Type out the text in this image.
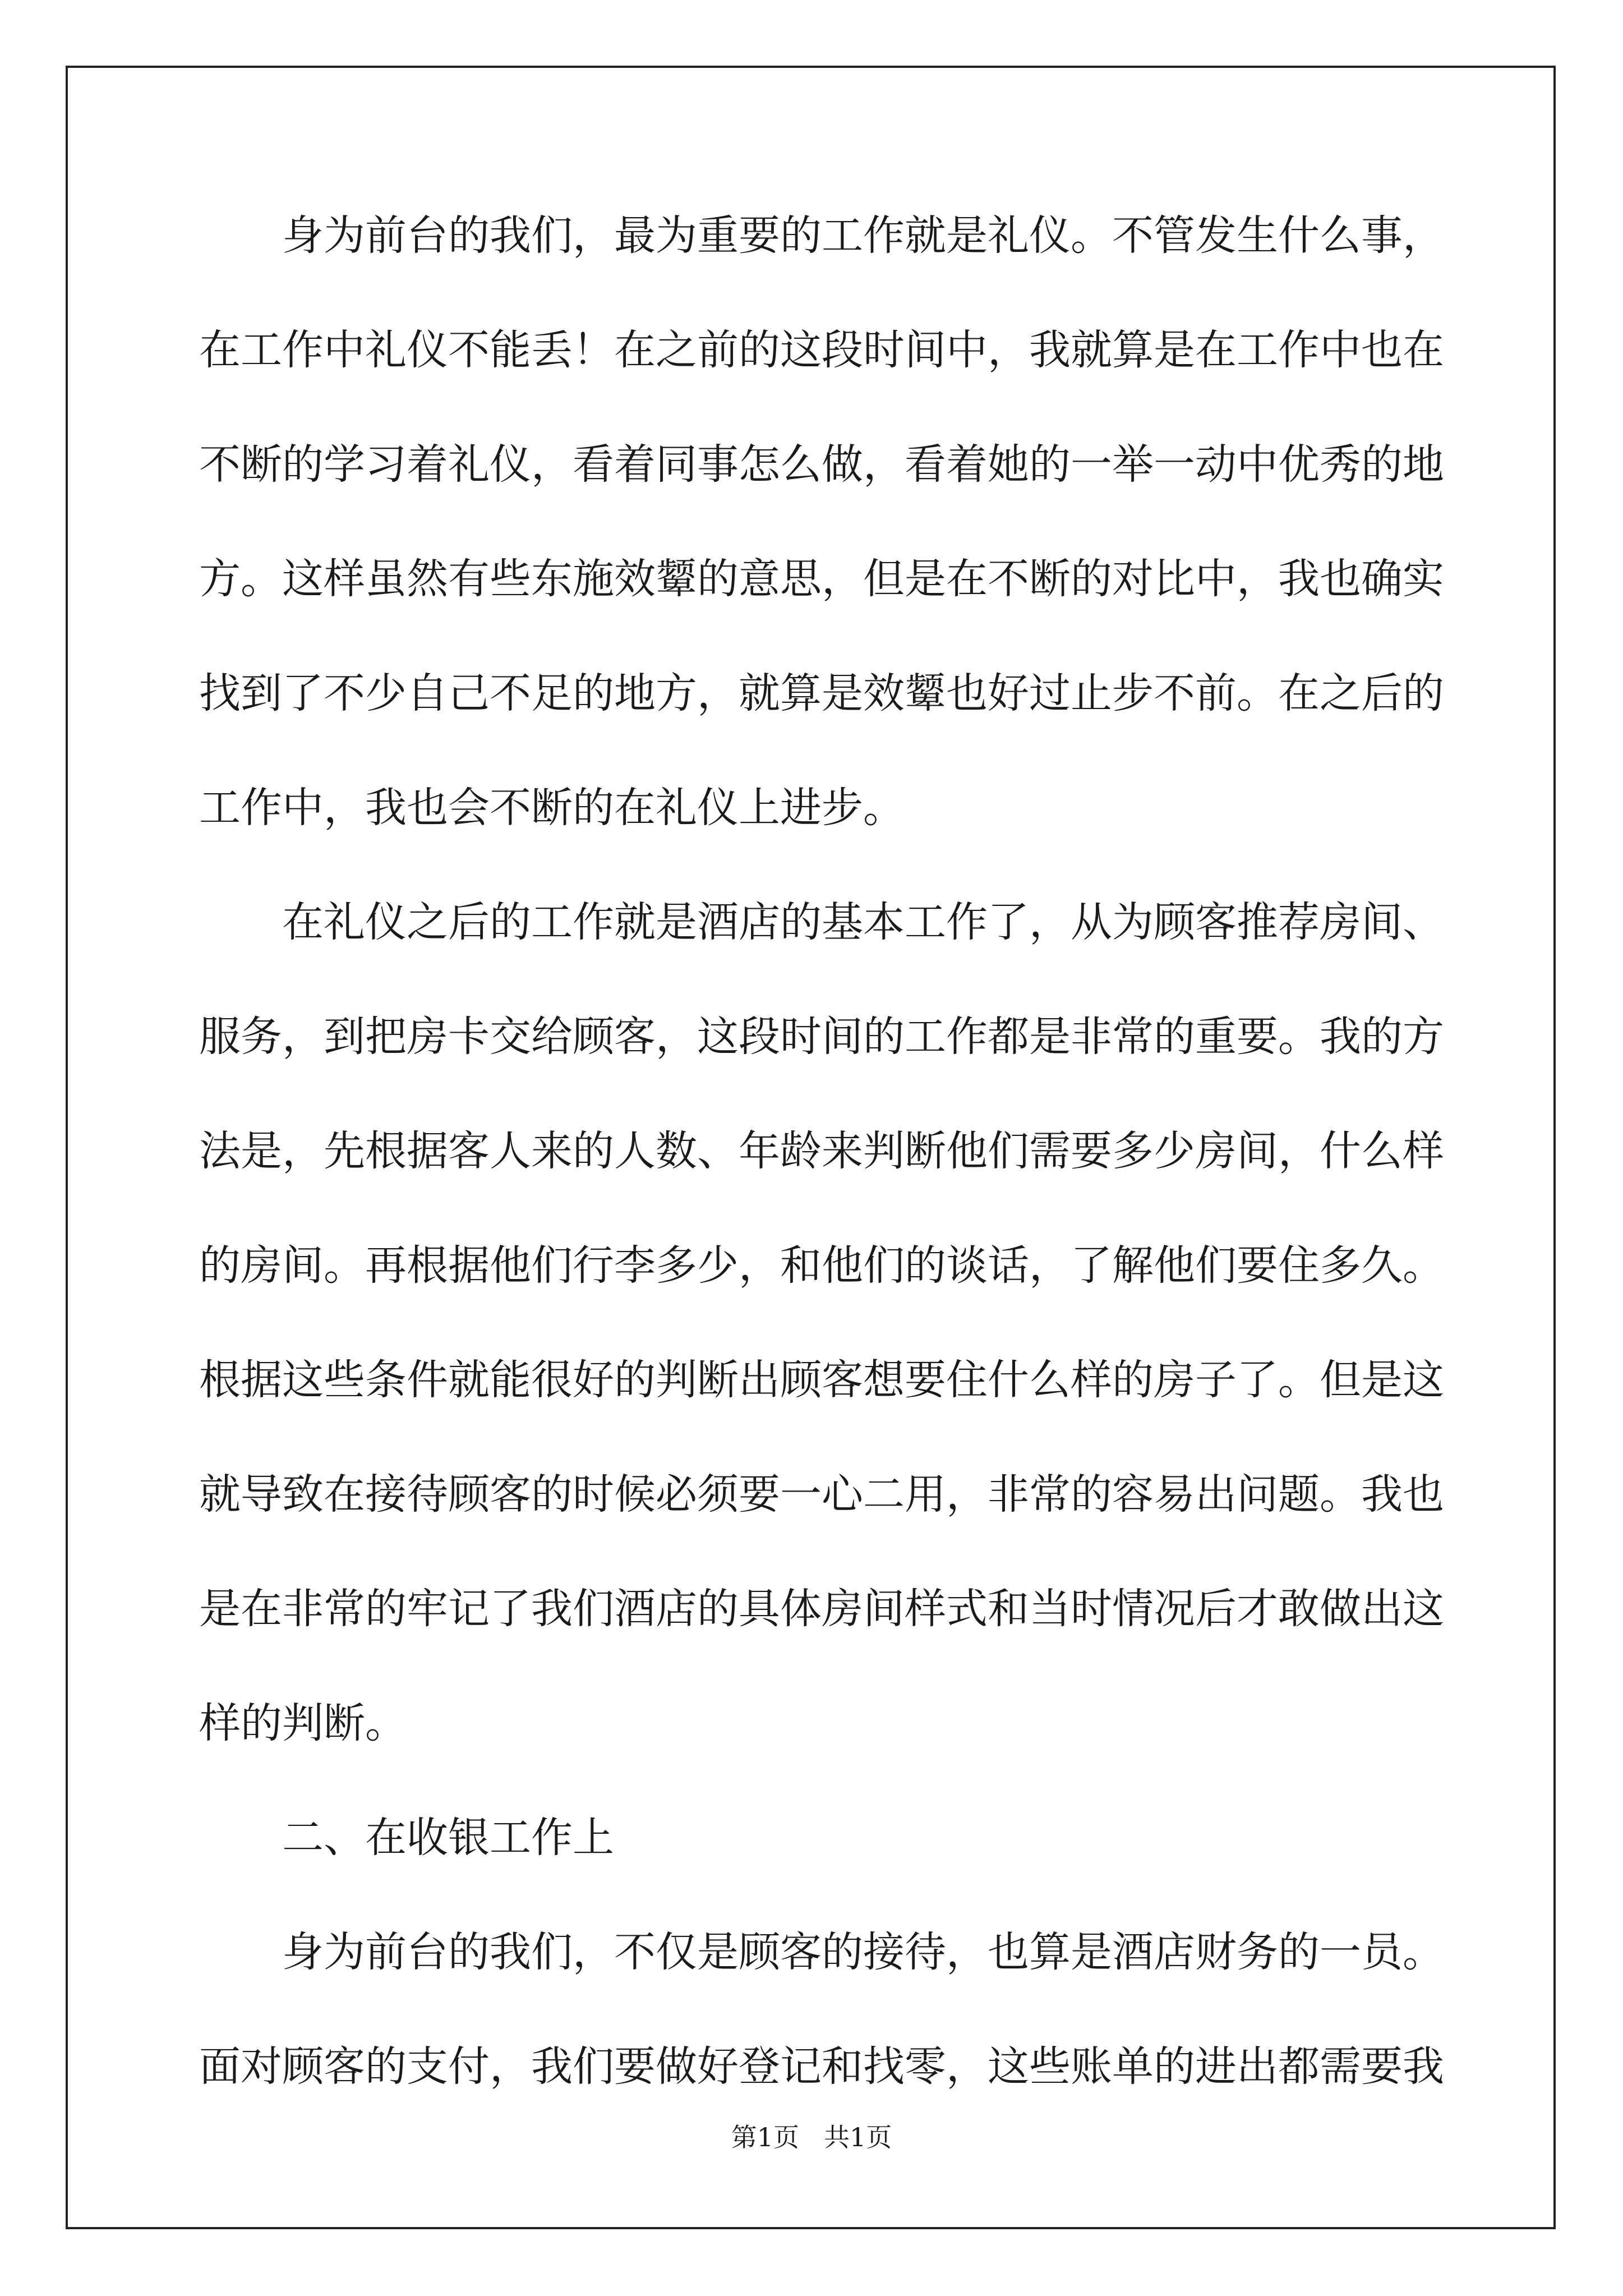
身为前台的我们，最为重要的工作就是礼仪。不管发生什么事，
在工作中礼仪不能丢！在之前的这段时间中，我就算是在工作中也在
不断的学习着礼仪，看着同事怎么做，看着她的一举一动中优秀的地
方。这样虽然有些东施效颦的意思，但是在不断的对比中，我也确实
找到了不少自己不足的地方，就算是效颦也好过止步不前。在之后的
工作中，我也会不断的在礼仪上进步。
在礼仪之后的工作就是酒店的基本工作了，从为顾客推荐房间、
服务，到把房卡交给顾客，这段时间的工作都是非常的重要。我的方
法是，先根据客人来的人数、年龄来判断他们需要多少房间，什么样
的房间。再根据他们行李多少，和他们的谈话，了解他们要住多久。
根据这些条件就能很好的判断出顾客想要住什么样的房子了。但是这
就导致在接待顾客的时候必须要一心二用，非常的容易出问题。我也
是在非常的牢记了我们酒店的具体房间样式和当时情况后才敢做出这
样的判断。
二、在收银工作上
身为前台的我们，不仅是顾客的接待，也算是酒店财务的一员。
面对顾客的支付，我们要做好登记和找零，这些账单的进出都需要我
第1页 共1页
